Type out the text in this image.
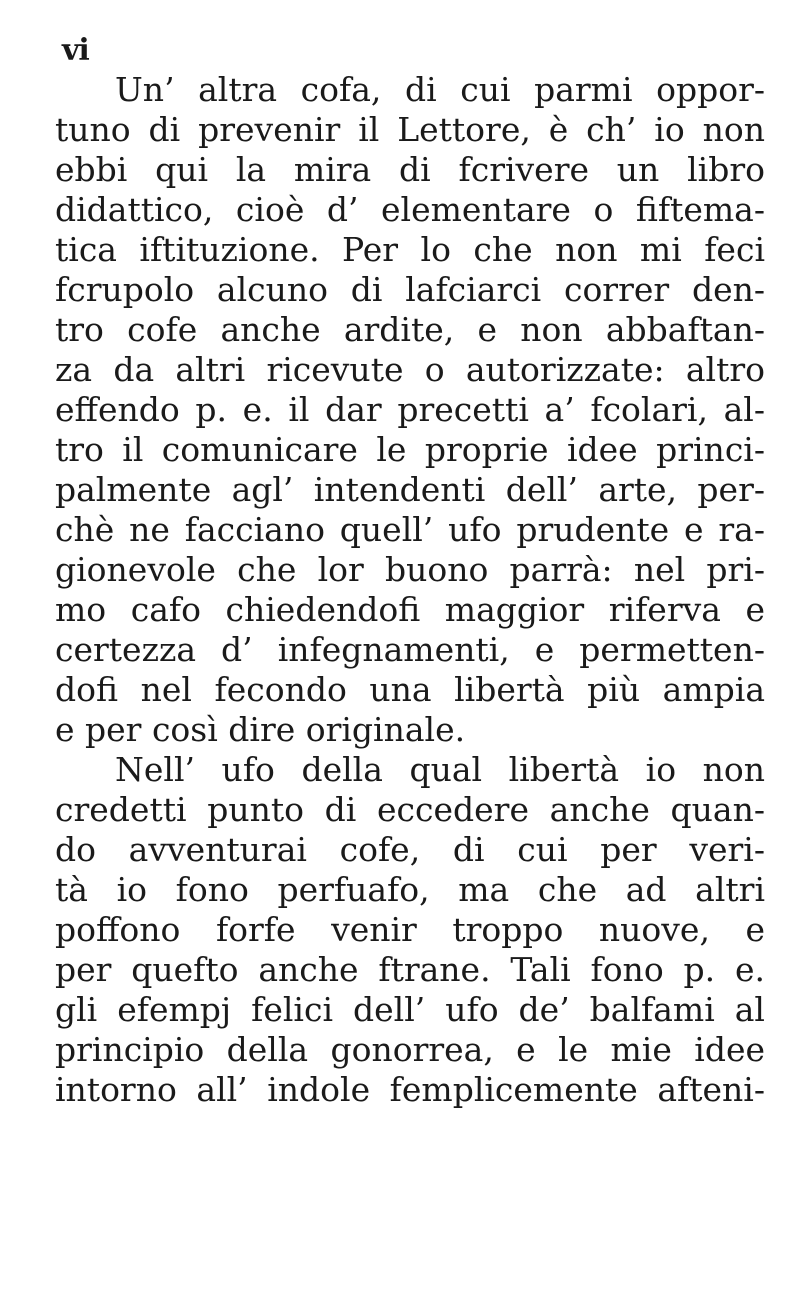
vi
Un’ altra cofa, di cui parmi oppor-
tuno di prevenir il Lettore, è ch’ io non
ebbi qui la mira di fcrivere un libro
didattico, cioè d’ elementare o fiftema-
tica iftituzione. Per lo che non mi feci
fcrupolo alcuno di lafciarci correr den-
tro cofe anche ardite, e non abbaftan-
za da altri ricevute o autorizzate: altro
effendo p. e. il dar precetti a’ fcolari, al-
tro il comunicare le proprie idee princi-
palmente agl’ intendenti dell’ arte, per-
chè ne facciano quell’ ufo prudente e ra-
gionevole che lor buono parrà: nel pri-
mo cafo chiedendofi maggior riferva e
certezza d’ infegnamenti, e permetten-
dofi nel fecondo una libertà più ampia
e per così dire originale.
Nell’ ufo della qual libertà io non
credetti punto di eccedere anche quan-
do avventurai cofe, di cui per veri-
tà io fono perfuafo, ma che ad altri
poffono forfe venir troppo nuove, e
per quefto anche ftrane. Tali fono p. e.
gli efempj felici dell’ ufo de’ balfami al
principio della gonorrea, e le mie idee
intorno all’ indole femplicemente afteni-
